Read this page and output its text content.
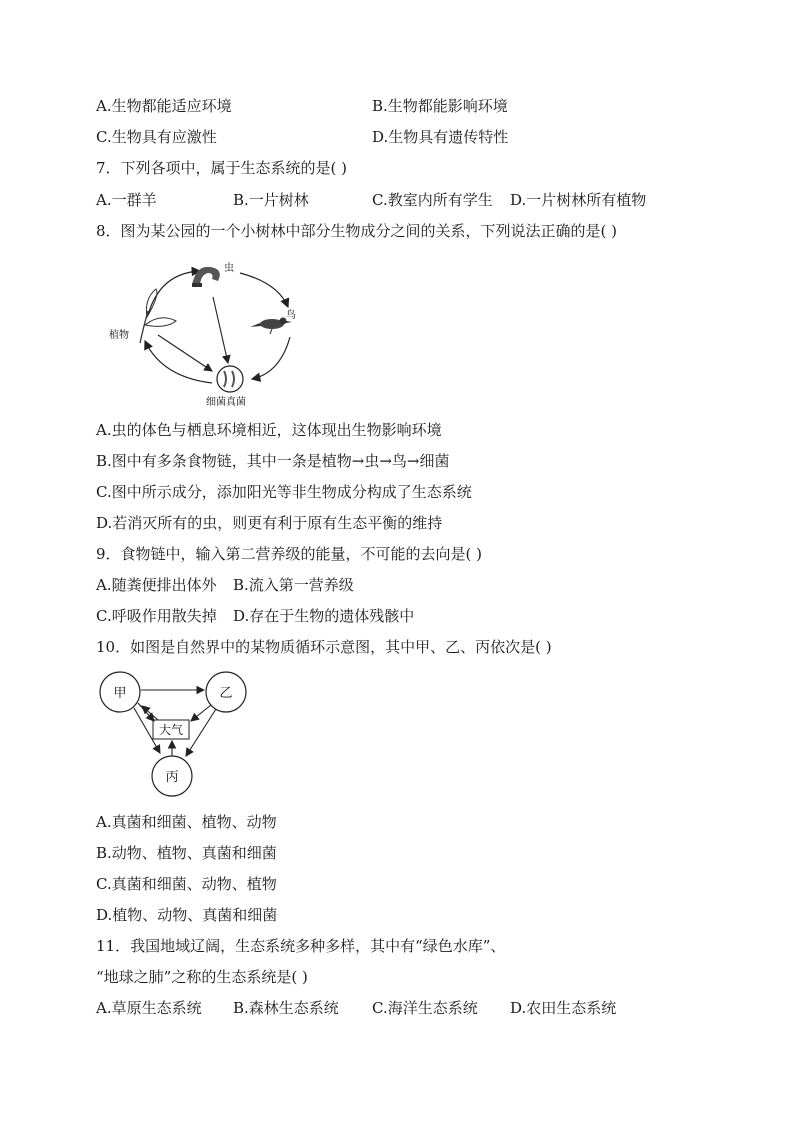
A.生物都能适应环境	B.生物都能影响环境
C.生物具有应激性	D.生物具有遗传特性
7．下列各项中，属于生态系统的是( )
A.一群羊	B.一片树林	C.教室内所有学生 D.一片树林所有植物
8．图为某公园的一个小树林中部分生物成分之间的关系，下列说法正确的是( )
虫
鸟
植物
细菌真菌
A.虫的体色与栖息环境相近，这体现出生物影响环境
B.图中有多条食物链，其中一条是植物→虫→鸟→细菌
C.图中所示成分，添加阳光等非生物成分构成了生态系统
D.若消灭所有的虫，则更有利于原有生态平衡的维持
9．食物链中，输入第二营养级的能量，不可能的去向是( )
A.随粪便排出体外 B.流入第一营养级
C.呼吸作用散失掉 D.存在于生物的遗体残骸中
10．如图是自然界中的某物质循环示意图，其中甲、乙、丙依次是( )
甲	乙
丙
大气
A.真菌和细菌、植物、动物
B.动物、植物、真菌和细菌
C.真菌和细菌、动物、植物
D.植物、动物、真菌和细菌
11．我国地域辽阔，生态系统多种多样，其中有“绿色水库”、
“地球之肺”之称的生态系统是( )
A.草原生态系统 B.森林生态系统 C.海洋生态系统 D.农田生态系统
